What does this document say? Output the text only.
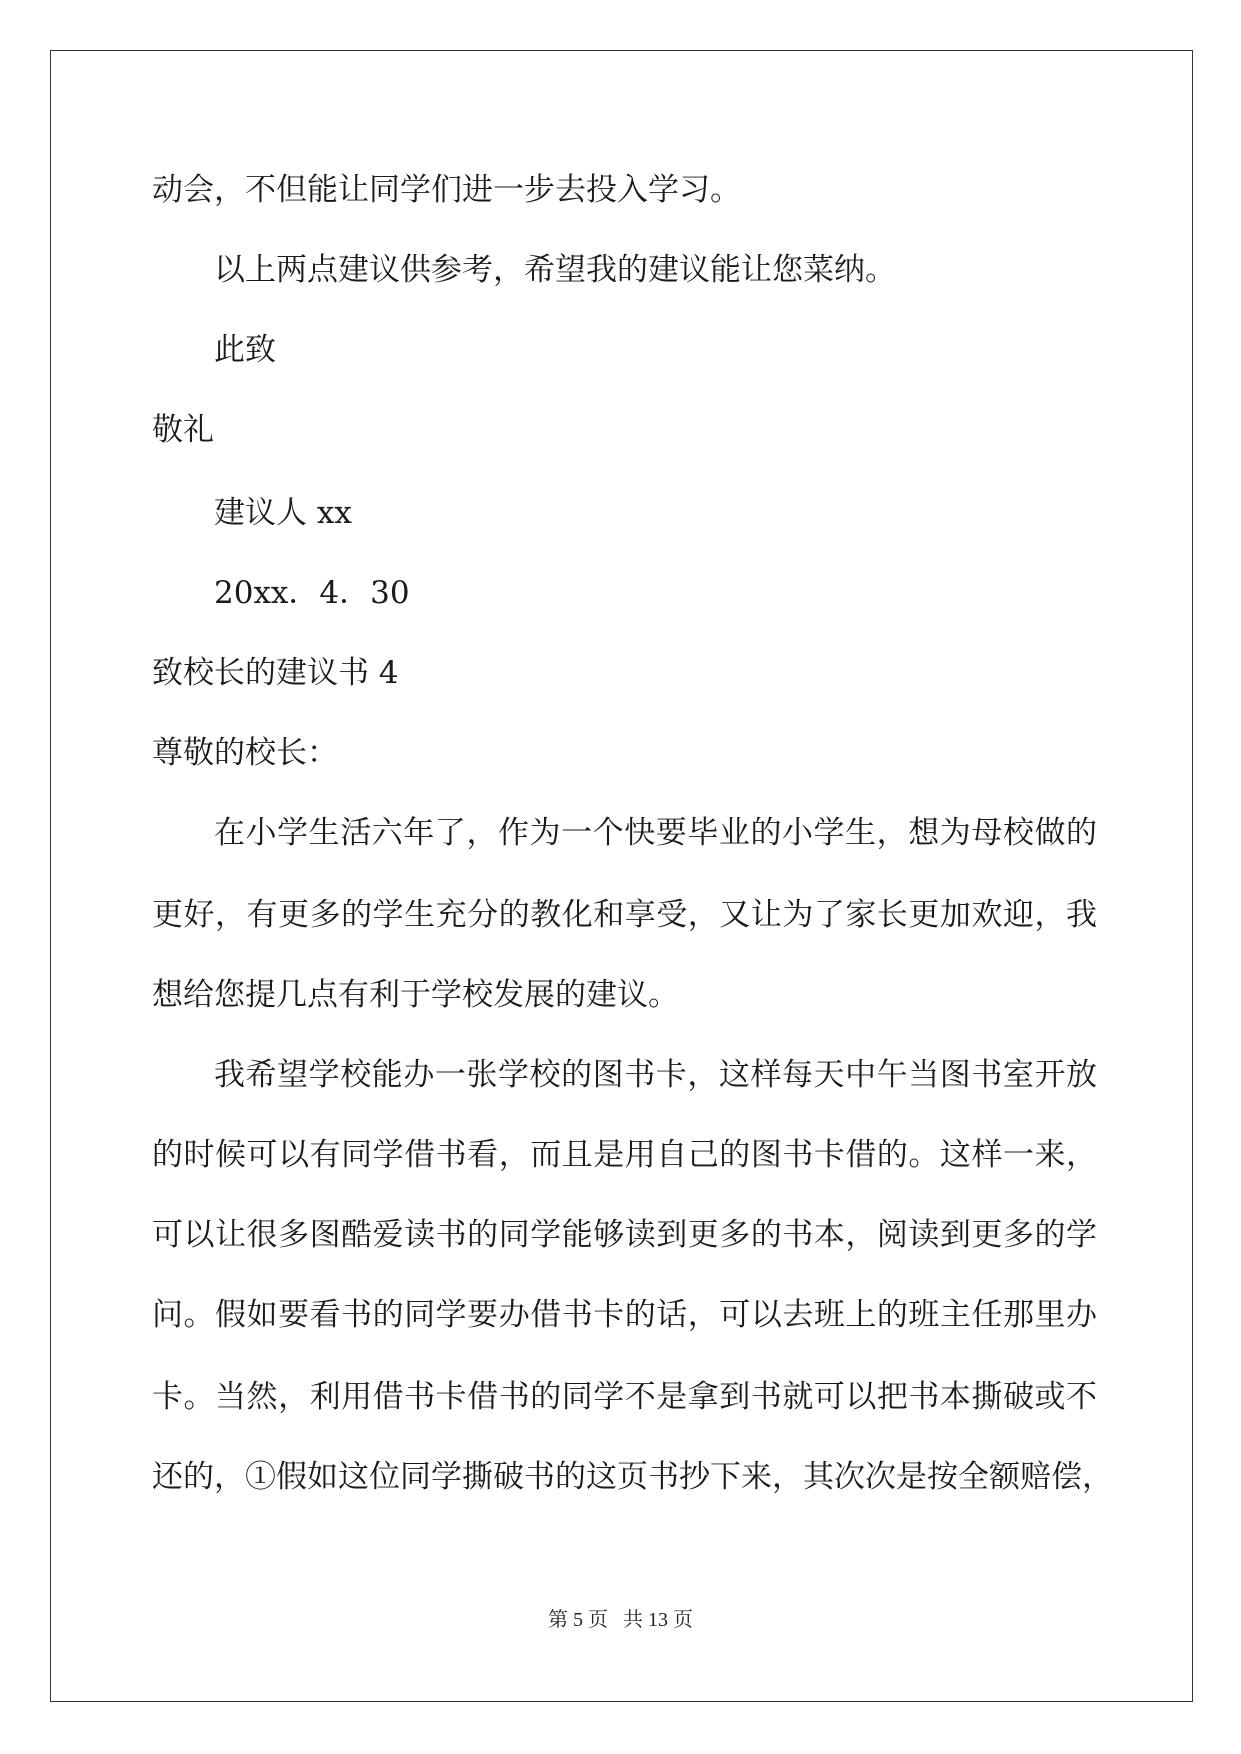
动会，不但能让同学们进一步去投入学习。

以上两点建议供参考，希望我的建议能让您菜纳。

此致

敬礼

建议人 xx

20xx．4．30

致校长的建议书 4

尊敬的校长：

在小学生活六年了，作为一个快要毕业的小学生，想为母校做的

更好，有更多的学生充分的教化和享受，又让为了家长更加欢迎，我

想给您提几点有利于学校发展的建议。

我希望学校能办一张学校的图书卡，这样每天中午当图书室开放

的时候可以有同学借书看，而且是用自己的图书卡借的。这样一来，

可以让很多图酷爱读书的同学能够读到更多的书本，阅读到更多的学

问。假如要看书的同学要办借书卡的话，可以去班上的班主任那里办

卡。当然，利用借书卡借书的同学不是拿到书就可以把书本撕破或不

还的，①假如这位同学撕破书的这页书抄下来，其次次是按全额赔偿，

第 5 页   共 13 页
